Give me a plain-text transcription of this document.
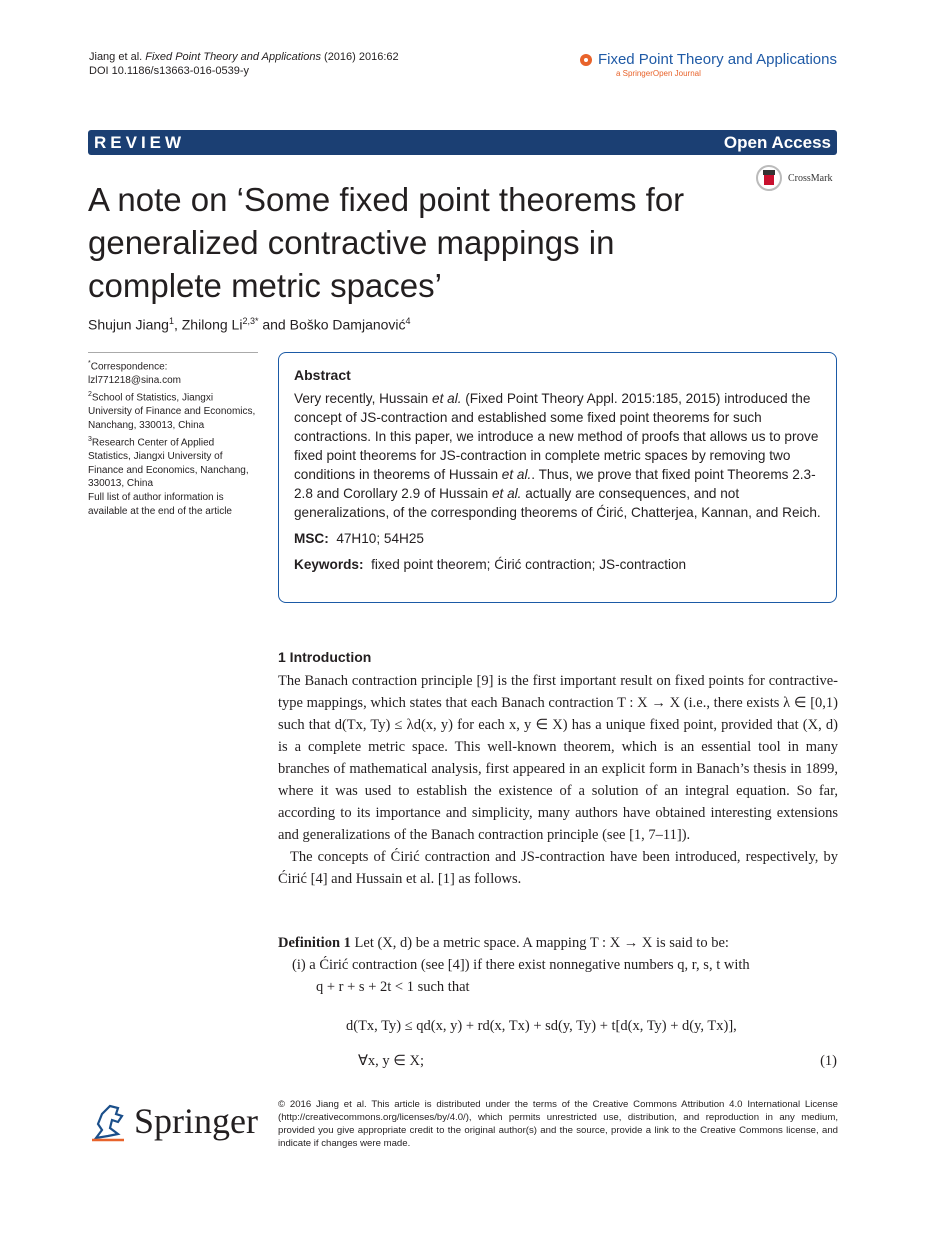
Jiang et al. Fixed Point Theory and Applications (2016) 2016:62
DOI 10.1186/s13663-016-0539-y
Fixed Point Theory and Applications
a SpringerOpen Journal
REVIEW	Open Access
A note on ‘Some fixed point theorems for generalized contractive mappings in complete metric spaces’
CrossMark
Shujun Jiang$^1$, Zhilong $Li^{2,3*}$ and Boško Damjanović$^4$
*Correspondence:
lzl771218@sina.com
$^2$School of Statistics, Jiangxi University of Finance and Economics, Nanchang, 330013, China
$^3$Research Center of Applied Statistics, Jiangxi University of Finance and Economics, Nanchang, 330013, China
Full list of author information is available at the end of the article
Abstract

Very recently, Hussain et al. (Fixed Point Theory Appl. 2015:185, 2015) introduced the concept of JS-contraction and established some fixed point theorems for such contractions. In this paper, we introduce a new method of proofs that allows us to prove fixed point theorems for JS-contraction in complete metric spaces by removing two conditions in theorems of Hussain et al.. Thus, we prove that fixed point Theorems 2.3-2.8 and Corollary 2.9 of Hussain et al. actually are consequences, and not generalizations, of the corresponding theorems of Ćirić, Chatterjea, Kannan, and Reich.

MSC: 47H10; 54H25
Keywords: fixed point theorem; Ćirić contraction; JS-contraction
1 Introduction

The Banach contraction principle [9] is the first important result on fixed points for contractive-type mappings, which states that each Banach contraction T : X → X (i.e., there exists λ ∈ [0,1) such that d(Tx, Ty) ≤ λd(x, y) for each x, y ∈ X) has a unique fixed point, provided that (X, d) is a complete metric space. This well-known theorem, which is an essential tool in many branches of mathematical analysis, first appeared in an explicit form in Banach’s thesis in 1899, where it was used to establish the existence of a solution of an integral equation. So far, according to its importance and simplicity, many authors have obtained interesting extensions and generalizations of the Banach contraction principle (see [1, 7–11]).

The concepts of Ćirić contraction and JS-contraction have been introduced, respectively, by Ćirić [4] and Hussain et al. [1] as follows.

Definition 1 Let (X, d) be a metric space. A mapping T : X → X is said to be:
(i) a Ćirić contraction (see [4]) if there exist nonnegative numbers q, r, s, t with
q + r + s + 2t < 1 such that
d(Tx, Ty) ≤ qd(x, y) + rd(x, Tx) + sd(y, Ty) + t[d(x, Ty) + d(y, Tx)],
∀x, y ∈ X;	(1)
Springer © 2016 Jiang et al. This article is distributed under the terms of the Creative Commons Attribution 4.0 International License (http://creativecommons.org/licenses/by/4.0/), which permits unrestricted use, distribution, and reproduction in any medium, provided you give appropriate credit to the original author(s) and the source, provide a link to the Creative Commons license, and indicate if changes were made.
